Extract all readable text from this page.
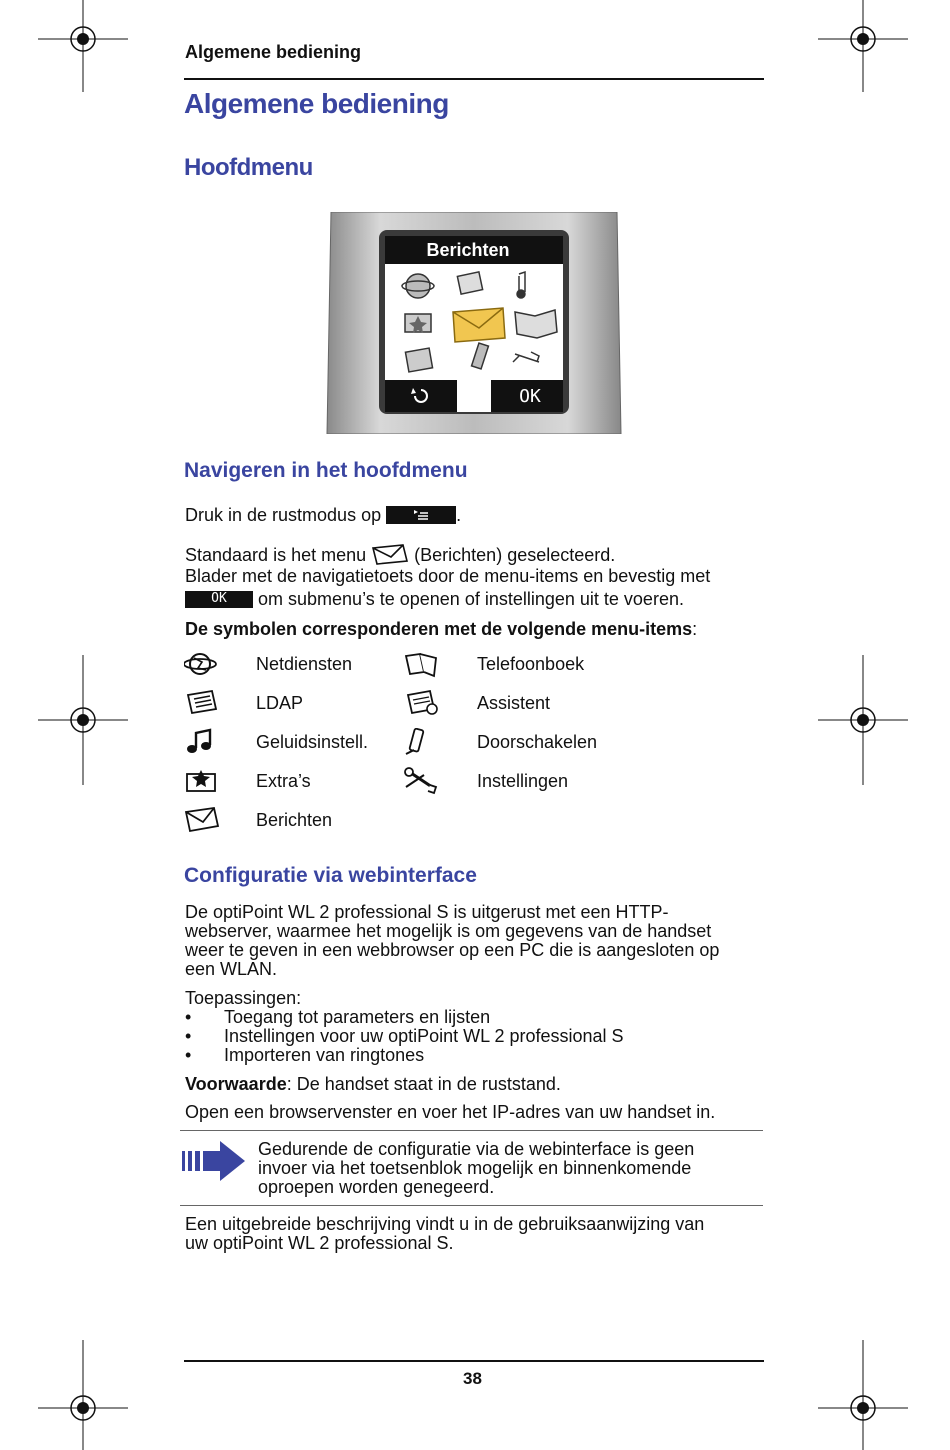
Algemene bediening
Algemene bediening
Hoofdmenu
Berichten
OK
Navigeren in het hoofdmenu
Druk in de rustmodus op	.
Standaard is het menu	(Berichten) geselecteerd.
Blader met de navigatietoets door de menu-items en bevestig met
OK om submenu’s te openen of instellingen uit te voeren.
De symbolen corresponderen met de volgende menu-items:
Netdiensten
LDAP
Geluidsinstell.
Extra’s
Berichten
Telefoonboek
Assistent
Doorschakelen
Instellingen
Configuratie via webinterface
De optiPoint WL 2 professional S is uitgerust met een HTTP-
webserver, waarmee het mogelijk is om gegevens van de handset
weer te geven in een webbrowser op een PC die is aangesloten op
een WLAN.
Toepassingen:
• Toegang tot parameters en lijsten
• Instellingen voor uw optiPoint WL 2 professional S
• Importeren van ringtones
Voorwaarde: De handset staat in de ruststand.
Open een browservenster en voer het IP-adres van uw handset in.
Gedurende de configuratie via de webinterface is geen
invoer via het toetsenblok mogelijk en binnenkomende
oproepen worden genegeerd.
Een uitgebreide beschrijving vindt u in de gebruiksaanwijzing van
uw optiPoint WL 2 professional S.
38
